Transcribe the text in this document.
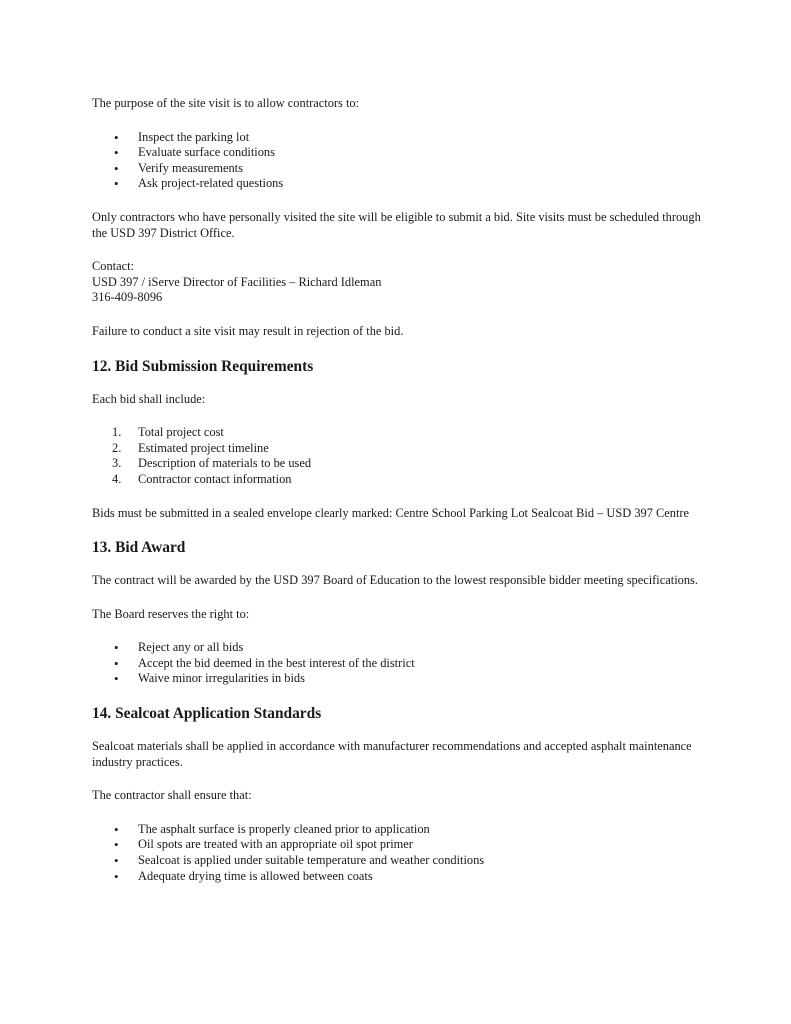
The purpose of the site visit is to allow contractors to:

• Inspect the parking lot
• Evaluate surface conditions
• Verify measurements
• Ask project-related questions

Only contractors who have personally visited the site will be eligible to submit a bid. Site visits must be scheduled through the USD 397 District Office.

Contact:

USD 397 / iServe Director of Facilities – Richard Idleman

316-409-8096

Failure to conduct a site visit may result in rejection of the bid.

12. Bid Submission Requirements

Each bid shall include:

1. Total project cost
2. Estimated project timeline
3. Description of materials to be used
4. Contractor contact information

Bids must be submitted in a sealed envelope clearly marked: Centre School Parking Lot Sealcoat Bid – USD 397 Centre

13. Bid Award

The contract will be awarded by the USD 397 Board of Education to the lowest responsible bidder meeting specifications.

The Board reserves the right to:

• Reject any or all bids
• Accept the bid deemed in the best interest of the district
• Waive minor irregularities in bids
14. Sealcoat Application Standards

Sealcoat materials shall be applied in accordance with manufacturer recommendations and accepted asphalt maintenance industry practices.

The contractor shall ensure that:

• The asphalt surface is properly cleaned prior to application
• Oil spots are treated with an appropriate oil spot primer
• Sealcoat is applied under suitable temperature and weather conditions
• Adequate drying time is allowed between coats
